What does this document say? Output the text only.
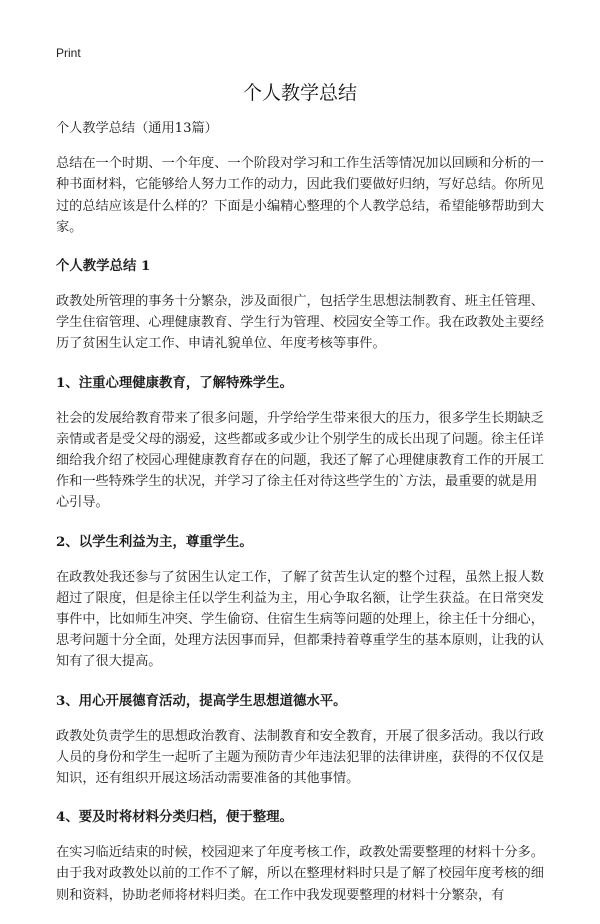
Print
个人教学总结

个人教学总结（通用13篇）

总结在一个时期、一个年度、一个阶段对学习和工作生活等情况加以回顾和分析的一种书面材料，它能够给人努力工作的动力，因此我们要做好归纳，写好总结。你所见过的总结应该是什么样的？下面是小编精心整理的个人教学总结，希望能够帮助到大家。

个人教学总结 1

政教处所管理的事务十分繁杂，涉及面很广，包括学生思想法制教育、班主任管理、学生住宿管理、心理健康教育、学生行为管理、校园安全等工作。我在政教处主要经历了贫困生认定工作、申请礼貌单位、年度考核等事件。

1、注重心理健康教育，了解特殊学生。

社会的发展给教育带来了很多问题，升学给学生带来很大的压力，很多学生长期缺乏亲情或者是受父母的溺爱，这些都或多或少让个别学生的成长出现了问题。徐主任详细给我介绍了校园心理健康教育存在的问题，我还了解了心理健康教育工作的开展工作和一些特殊学生的状况，并学习了徐主任对待这些学生的`方法，最重要的就是用心引导。

2、以学生利益为主，尊重学生。

在政教处我还参与了贫困生认定工作，了解了贫苦生认定的整个过程，虽然上报人数超过了限度，但是徐主任以学生利益为主，用心争取名额，让学生获益。在日常突发事件中，比如师生冲突、学生偷窃、住宿生生病等问题的处理上，徐主任十分细心，思考问题十分全面，处理方法因事而异，但都秉持着尊重学生的基本原则，让我的认知有了很大提高。

3、用心开展德育活动，提高学生思想道德水平。

政教处负责学生的思想政治教育、法制教育和安全教育，开展了很多活动。我以行政人员的身份和学生一起听了主题为预防青少年违法犯罪的法律讲座，获得的不仅仅是知识，还有组织开展这场活动需要准备的其他事情。

4、要及时将材料分类归档，便于整理。

在实习临近结束的时候，校园迎来了年度考核工作，政教处需要整理的材料十分多。由于我对政教处以前的工作不了解，所以在整理材料时只是了解了校园年度考核的细则和资料，协助老师将材料归类。在工作中我发现要整理的材料十分繁杂，有
